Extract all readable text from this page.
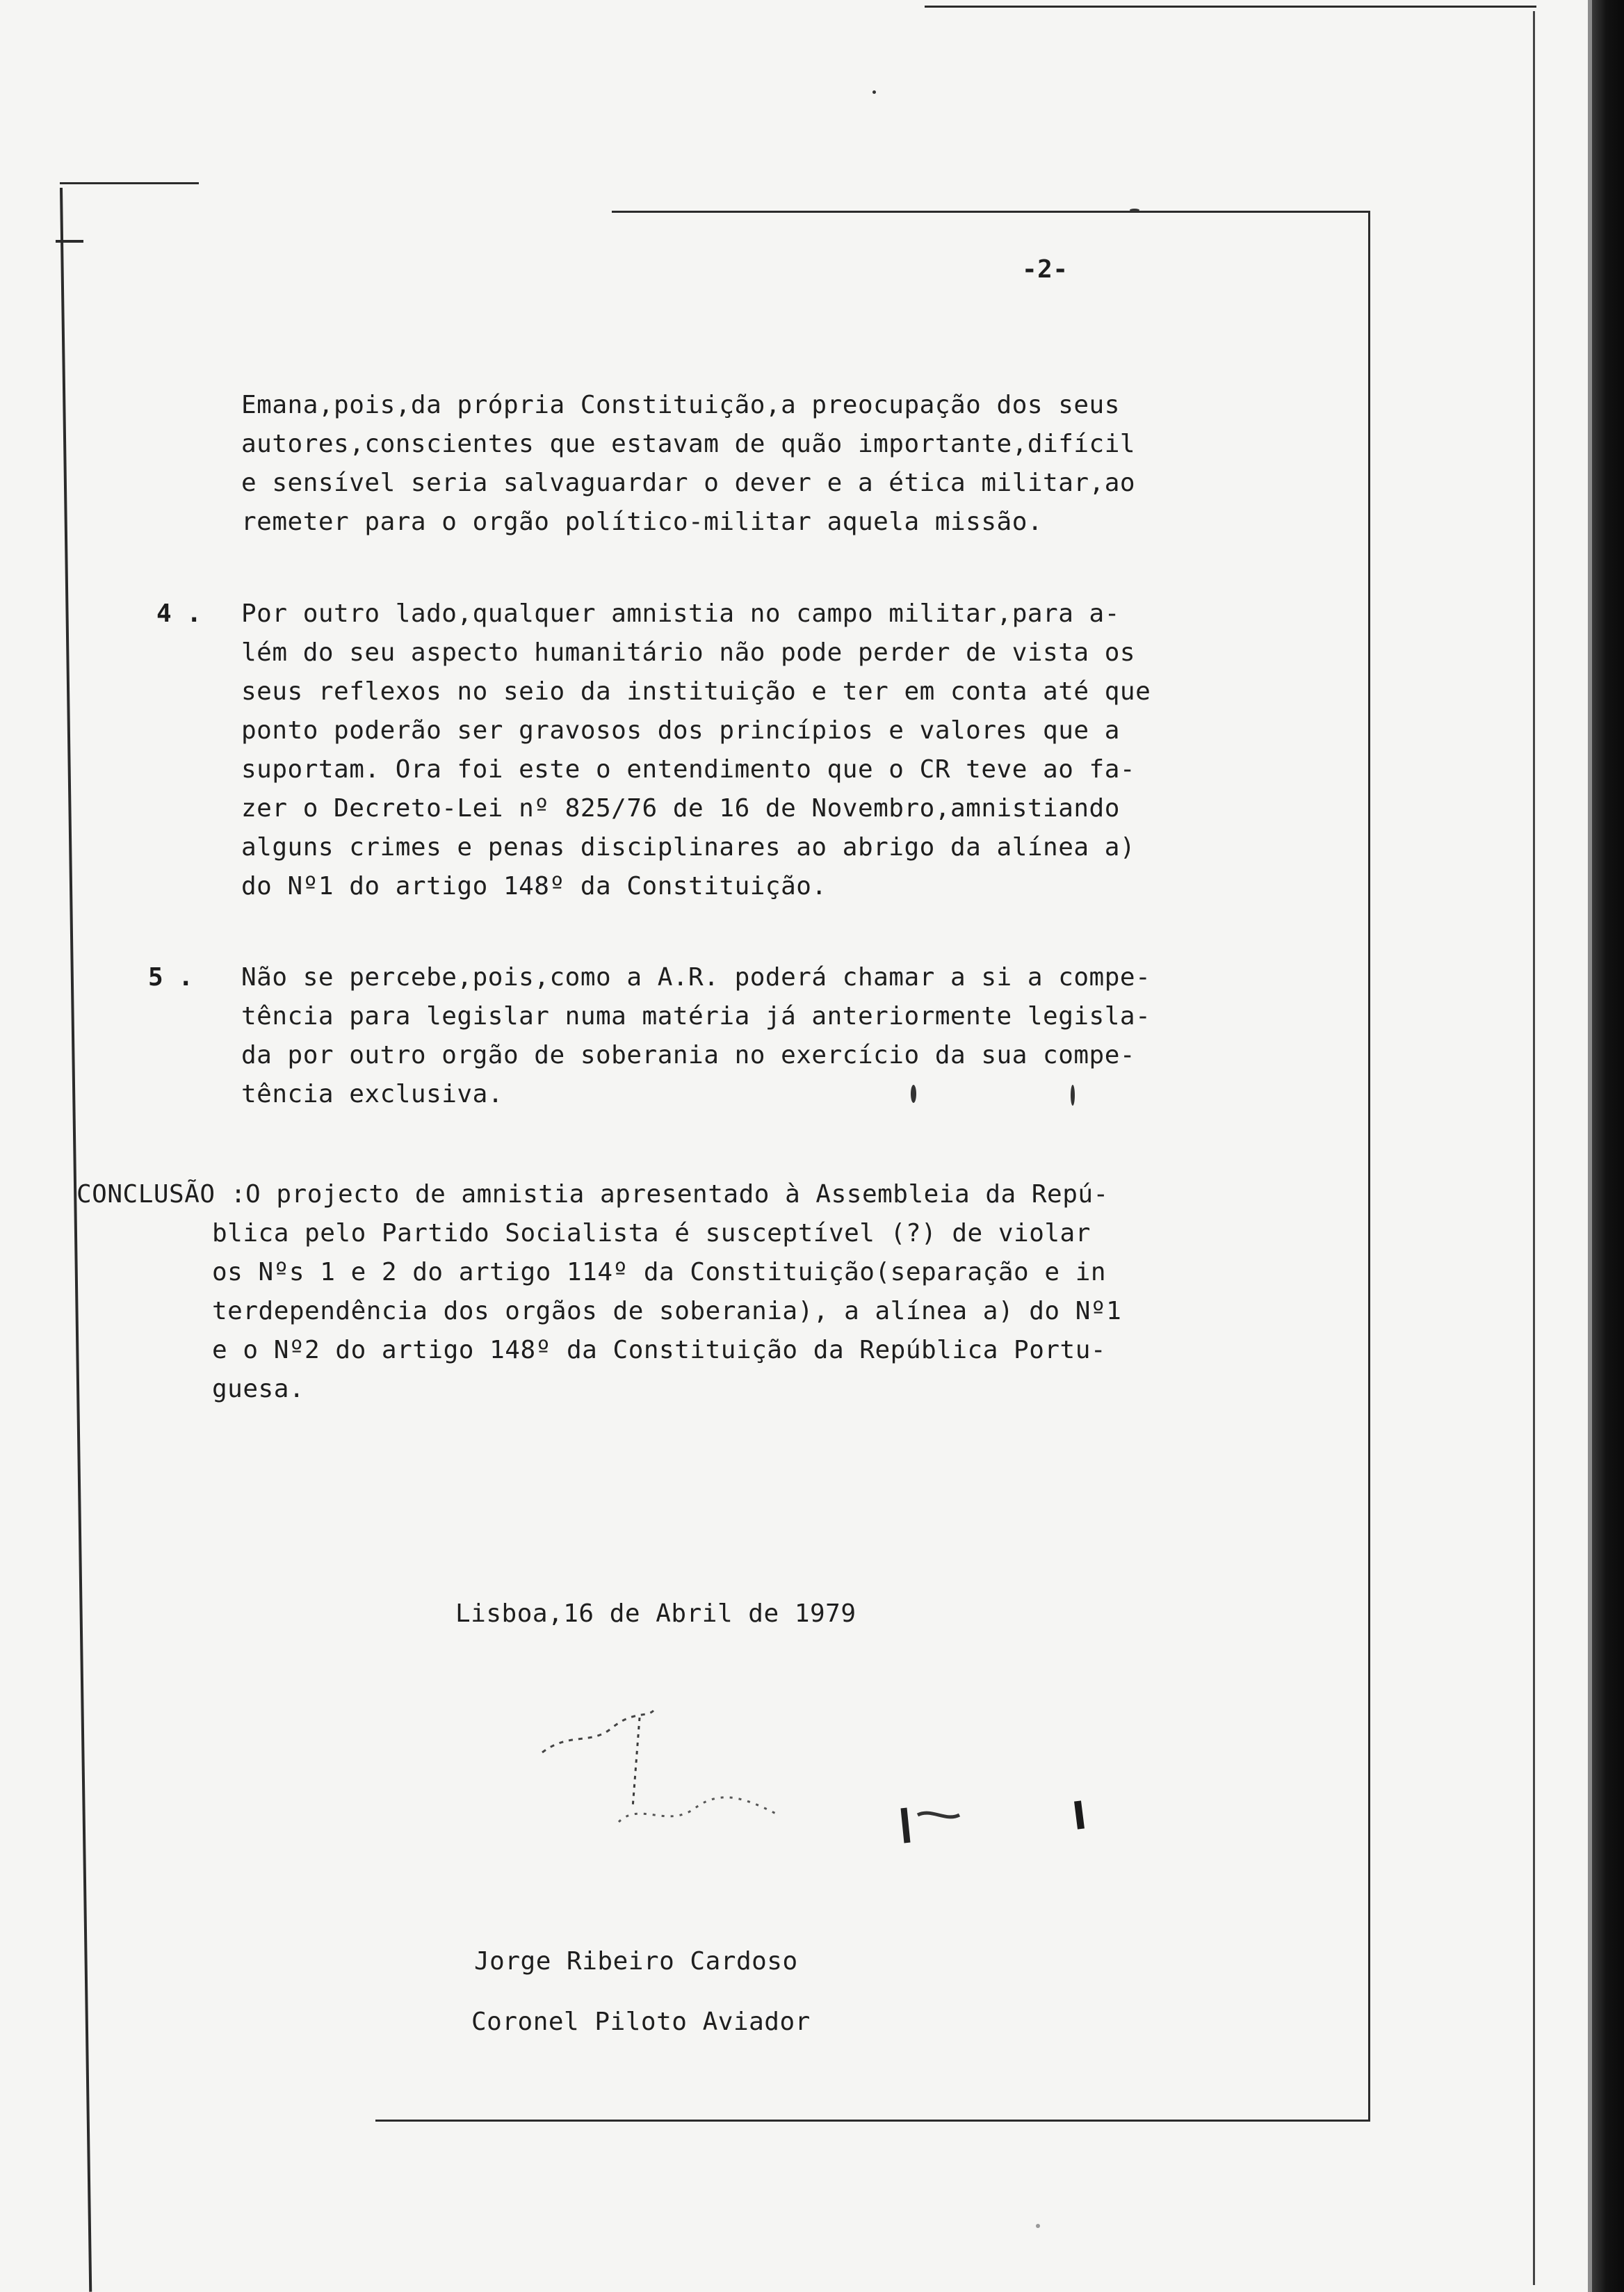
-2-
Emana,pois,da própria Constituição,a preocupação dos seus
autores,conscientes que estavam de quão importante,difícil
e sensível seria salvaguardar o dever e a ética militar,ao
remeter para o orgão político-militar aquela missão.
4 . Por outro lado,qualquer amnistia no campo militar,para a-
lém do seu aspecto humanitário não pode perder de vista os
seus reflexos no seio da instituição e ter em conta até que
ponto poderão ser gravosos dos princípios e valores que a
suportam. Ora foi este o entendimento que o CR teve ao fa-
zer o Decreto-Lei nº 825/76 de 16 de Novembro,amnistiando
alguns crimes e penas disciplinares ao abrigo da alínea a)
do Nº1 do artigo 148º da Constituição.
5 . Não se percebe,pois,como a A.R. poderá chamar a si a compe-
tência para legislar numa matéria já anteriormente legisla-
da por outro orgão de soberania no exercício da sua compe-
tência exclusiva.
CONCLUSÃO : O projecto de amnistia apresentado à Assembleia da Repú-
blica pelo Partido Socialista é susceptível (?) de violar
os Nºs 1 e 2 do artigo 114º da Constituição(separação e in
terdependência dos orgãos de soberania), a alínea a) do Nº1
e o Nº2 do artigo 148º da Constituição da República Portu-
guesa.
Lisboa,16 de Abril de 1979
Jorge Ribeiro Cardoso
Coronel Piloto Aviador
